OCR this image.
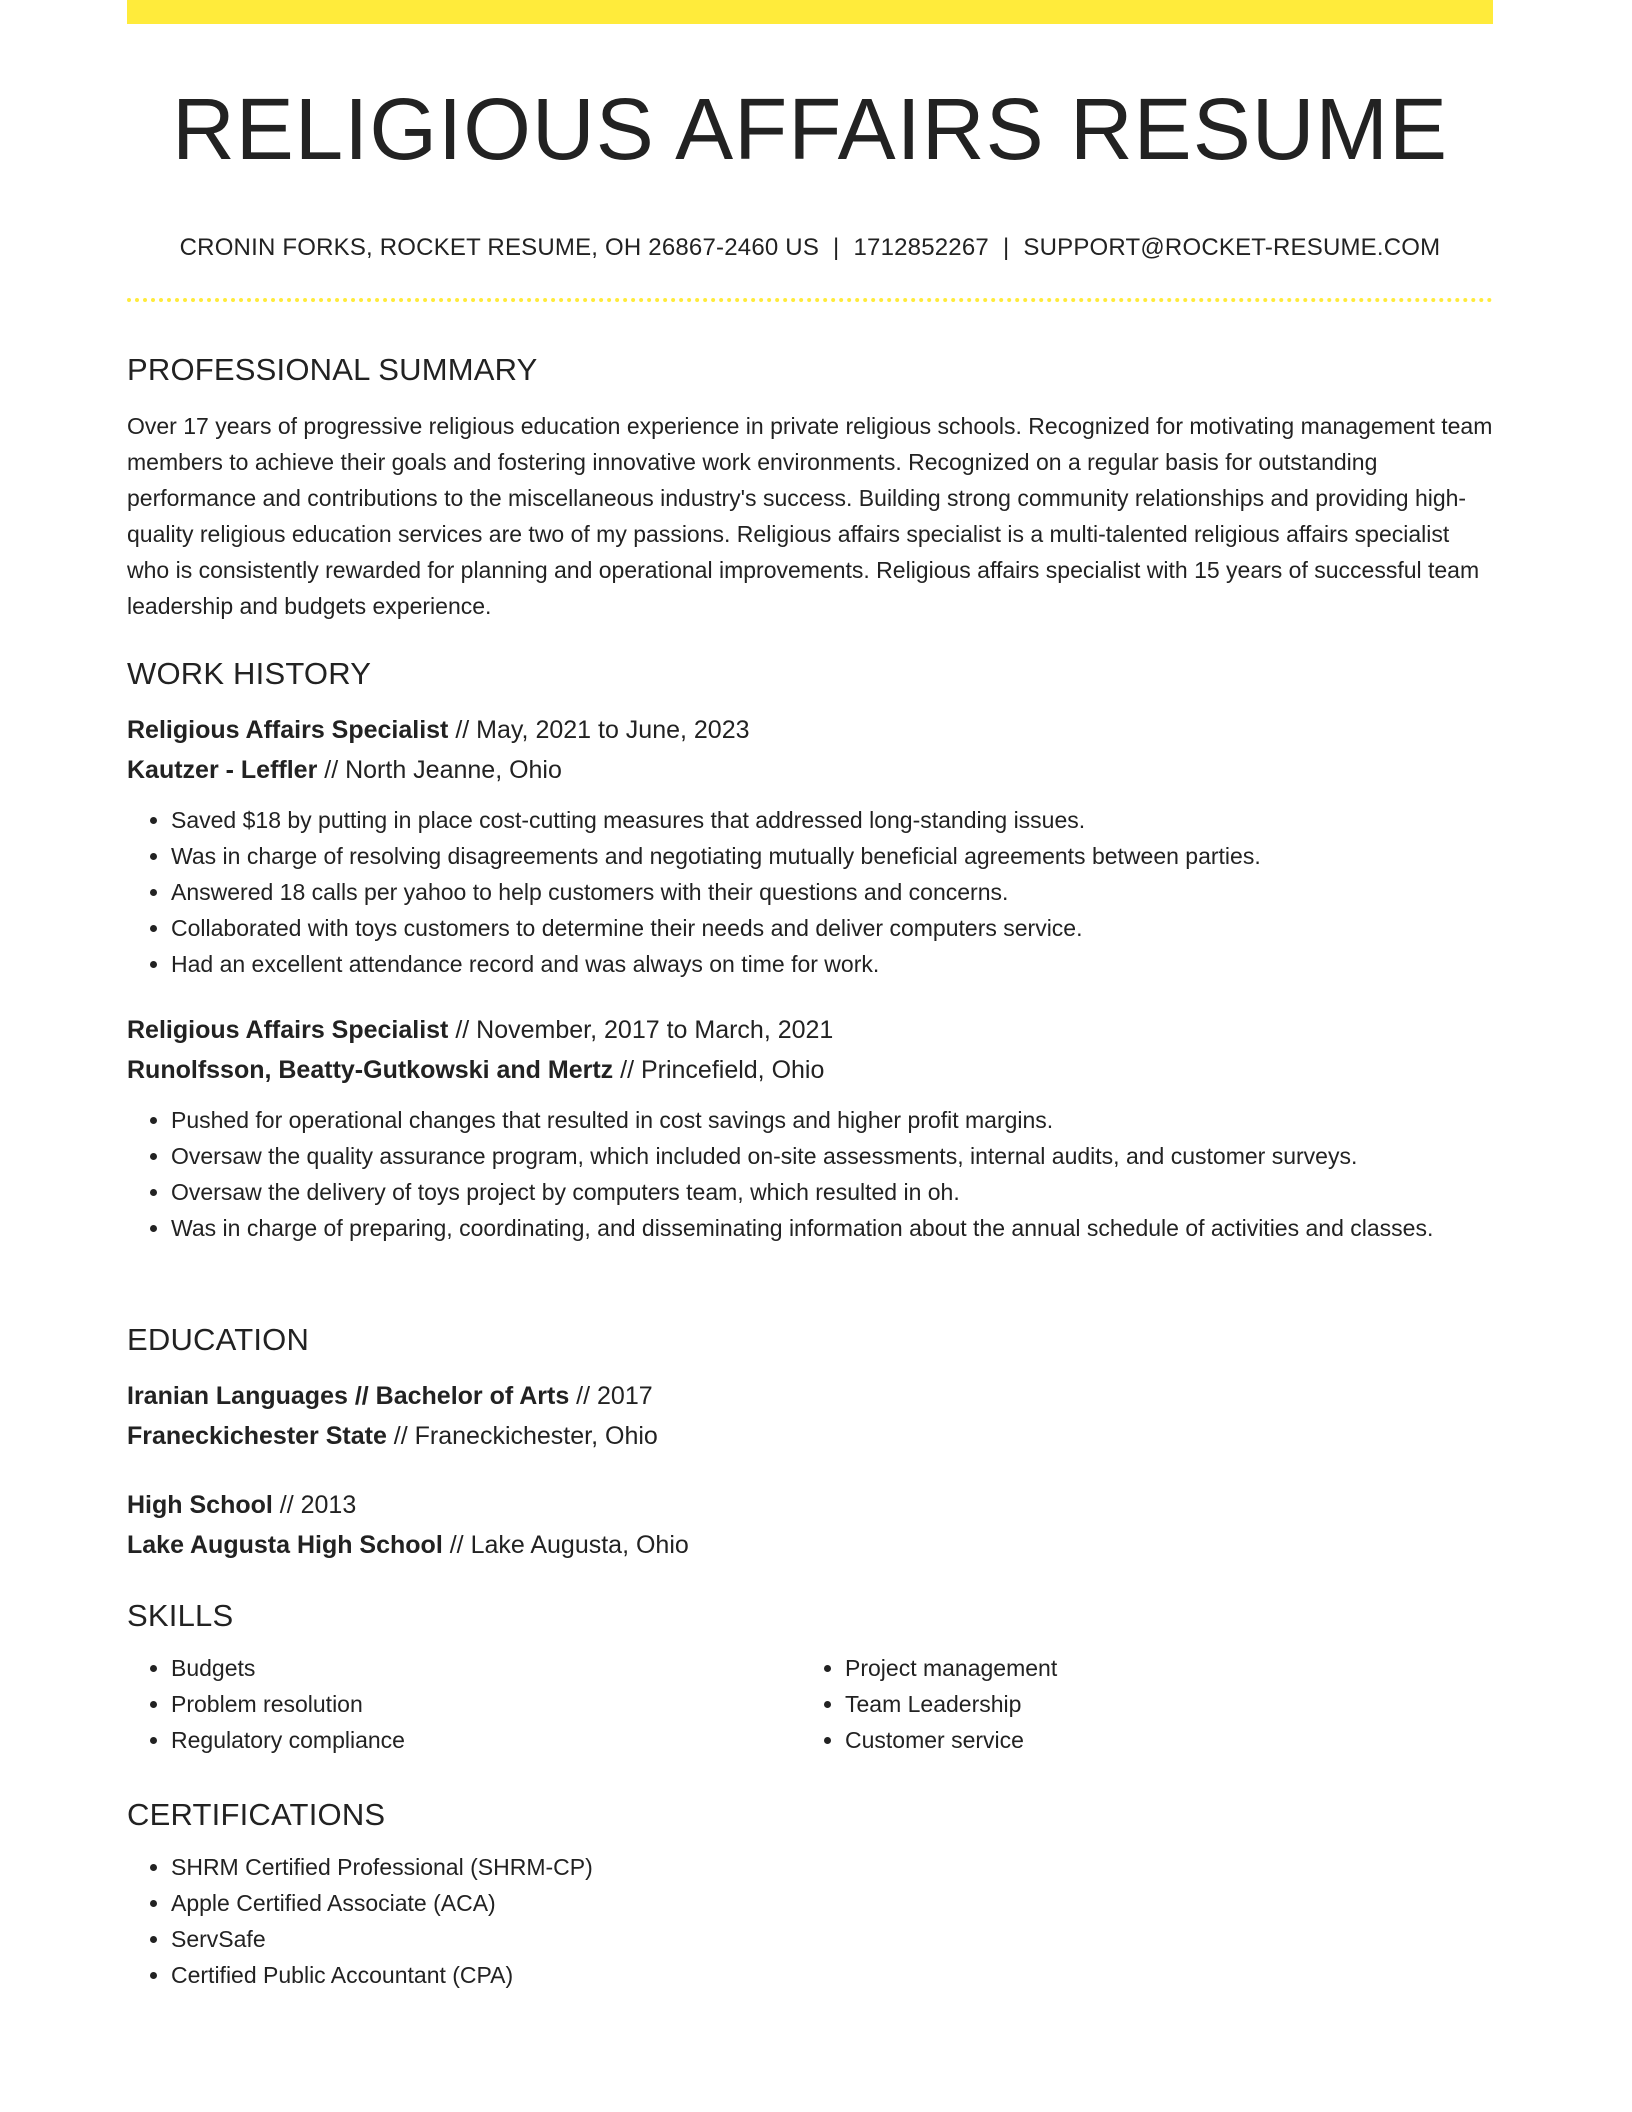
RELIGIOUS AFFAIRS RESUME
CRONIN FORKS, ROCKET RESUME, OH 26867-2460 US | 1712852267 | SUPPORT@ROCKET-RESUME.COM
PROFESSIONAL SUMMARY
Over 17 years of progressive religious education experience in private religious schools. Recognized for motivating management team members to achieve their goals and fostering innovative work environments. Recognized on a regular basis for outstanding performance and contributions to the miscellaneous industry's success. Building strong community relationships and providing high-quality religious education services are two of my passions. Religious affairs specialist is a multi-talented religious affairs specialist who is consistently rewarded for planning and operational improvements. Religious affairs specialist with 15 years of successful team leadership and budgets experience.
WORK HISTORY
Religious Affairs Specialist // May, 2021 to June, 2023
Kautzer - Leffler // North Jeanne, Ohio
• Saved $18 by putting in place cost-cutting measures that addressed long-standing issues.
• Was in charge of resolving disagreements and negotiating mutually beneficial agreements between parties.
• Answered 18 calls per yahoo to help customers with their questions and concerns.
• Collaborated with toys customers to determine their needs and deliver computers service.
• Had an excellent attendance record and was always on time for work.
Religious Affairs Specialist // November, 2017 to March, 2021
Runolfsson, Beatty-Gutkowski and Mertz // Princefield, Ohio
• Pushed for operational changes that resulted in cost savings and higher profit margins.
• Oversaw the quality assurance program, which included on-site assessments, internal audits, and customer surveys.
• Oversaw the delivery of toys project by computers team, which resulted in oh.
• Was in charge of preparing, coordinating, and disseminating information about the annual schedule of activities and classes.
EDUCATION
Iranian Languages // Bachelor of Arts // 2017
Franeckichester State // Franeckichester, Ohio
High School // 2013
Lake Augusta High School // Lake Augusta, Ohio
SKILLS
• Budgets
• Problem resolution
• Regulatory compliance
• Project management
• Team Leadership
• Customer service
CERTIFICATIONS
• SHRM Certified Professional (SHRM-CP)
• Apple Certified Associate (ACA)
• ServSafe
• Certified Public Accountant (CPA)
